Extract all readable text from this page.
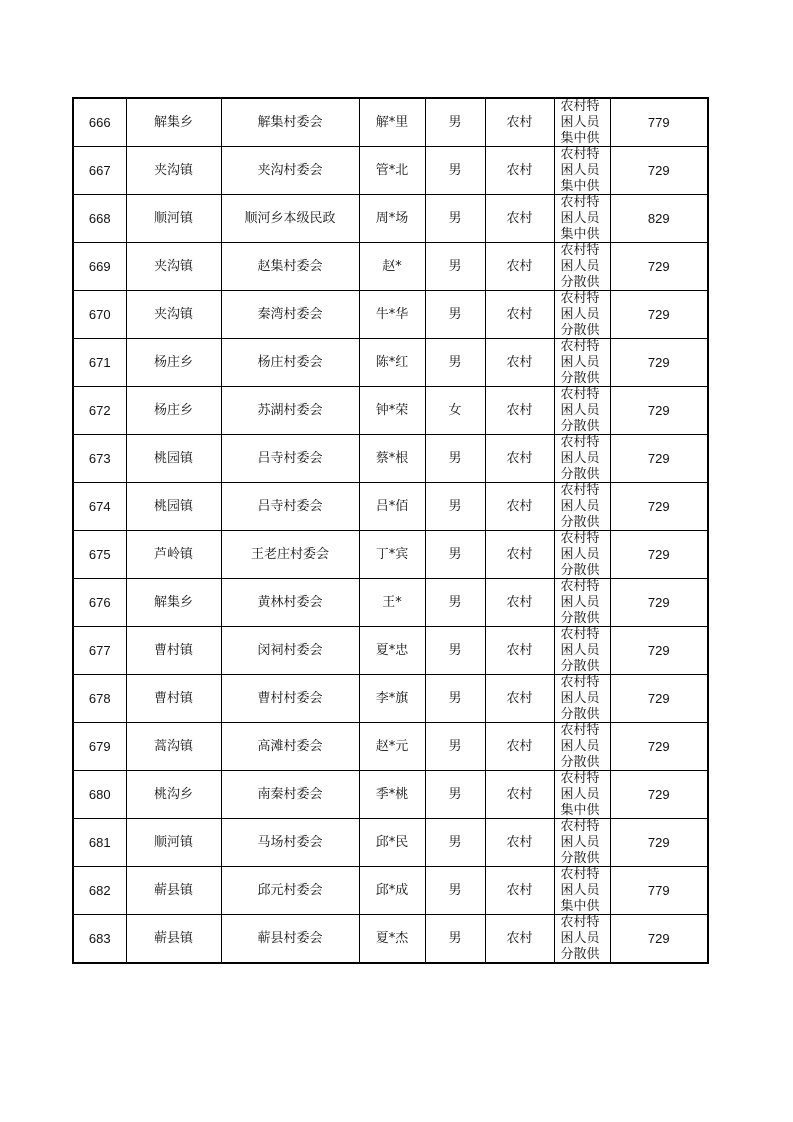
666	解集乡	解集村委会	解*里	男	农村	农村特困人员集中供	779
667	夹沟镇	夹沟村委会	管*北	男	农村	农村特困人员集中供	729
668	顺河镇	顺河乡本级民政	周*场	男	农村	农村特困人员集中供	829
669	夹沟镇	赵集村委会	赵*	男	农村	农村特困人员分散供	729
670	夹沟镇	秦湾村委会	牛*华	男	农村	农村特困人员分散供	729
671	杨庄乡	杨庄村委会	陈*红	男	农村	农村特困人员分散供	729
672	杨庄乡	苏湖村委会	钟*荣	女	农村	农村特困人员分散供	729
673	桃园镇	吕寺村委会	蔡*根	男	农村	农村特困人员分散供	729
674	桃园镇	吕寺村委会	吕*佰	男	农村	农村特困人员分散供	729
675	芦岭镇	王老庄村委会	丁*宾	男	农村	农村特困人员分散供	729
676	解集乡	黄林村委会	王*	男	农村	农村特困人员分散供	729
677	曹村镇	闵祠村委会	夏*忠	男	农村	农村特困人员分散供	729
678	曹村镇	曹村村委会	李*旗	男	农村	农村特困人员分散供	729
679	蒿沟镇	高滩村委会	赵*元	男	农村	农村特困人员分散供	729
680	桃沟乡	南秦村委会	季*桃	男	农村	农村特困人员集中供	729
681	顺河镇	马场村委会	邱*民	男	农村	农村特困人员分散供	729
682	蕲县镇	邱元村委会	邱*成	男	农村	农村特困人员集中供	779
683	蕲县镇	蕲县村委会	夏*杰	男	农村	农村特困人员分散供	729
